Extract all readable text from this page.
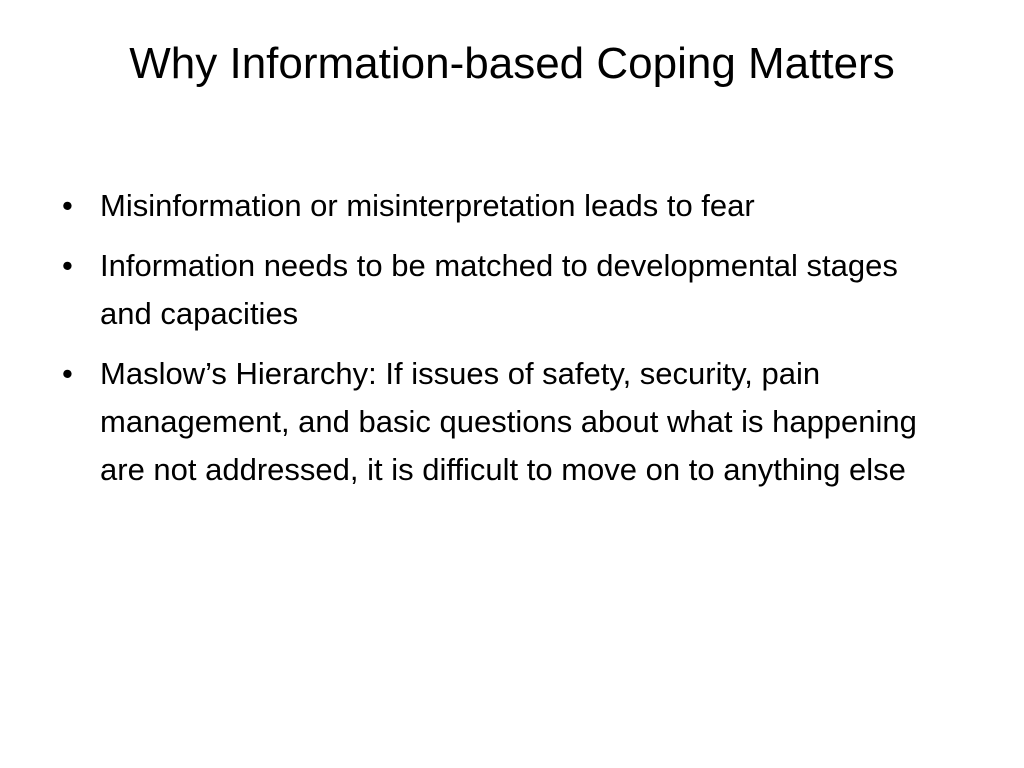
Why Information-based Coping Matters
• Misinformation or misinterpretation leads to fear
• Information needs to be matched to developmental stages and capacities
• Maslow’s Hierarchy: If issues of safety, security, pain management, and basic questions about what is happening are not addressed, it is difficult to move on to anything else
